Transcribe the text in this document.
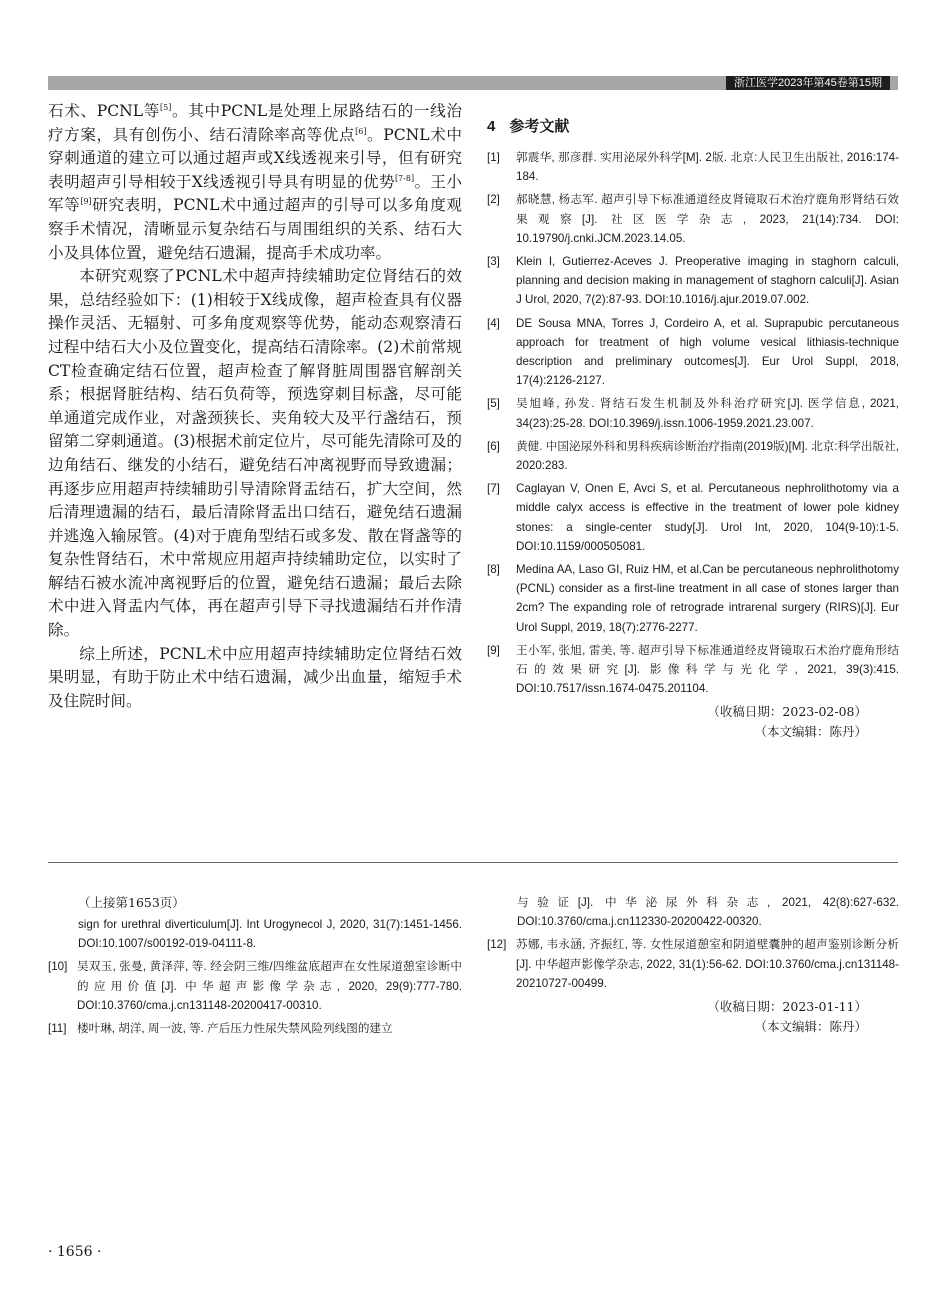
浙江医学2023年第45卷第15期

石术、PCNL等[5]。其中PCNL是处理上尿路结石的一线治疗方案，具有创伤小、结石清除率高等优点[6]。PCNL术中穿刺通道的建立可以通过超声或X线透视来引导，但有研究表明超声引导相较于X线透视引导具有明显的优势[7-8]。王小军等[9]研究表明，PCNL术中通过超声的引导可以多角度观察手术情况，清晰显示复杂结石与周围组织的关系、结石大小及具体位置，避免结石遗漏，提高手术成功率。

本研究观察了PCNL术中超声持续辅助定位肾结石的效果，总结经验如下：(1)相较于X线成像，超声检查具有仪器操作灵活、无辐射、可多角度观察等优势，能动态观察清石过程中结石大小及位置变化，提高结石清除率。(2)术前常规CT检查确定结石位置，超声检查了解肾脏周围器官解剖关系；根据肾脏结构、结石负荷等，预选穿刺目标盏，尽可能单通道完成作业，对盏颈狭长、夹角较大及平行盏结石，预留第二穿刺通道。(3)根据术前定位片，尽可能先清除可及的边角结石、继发的小结石，避免结石冲离视野而导致遗漏；再逐步应用超声持续辅助引导清除肾盂结石，扩大空间，然后清理遗漏的结石，最后清除肾盂出口结石，避免结石遗漏并逃逸入输尿管。(4)对于鹿角型结石或多发、散在肾盏等的复杂性肾结石，术中常规应用超声持续辅助定位，以实时了解结石被水流冲离视野后的位置，避免结石遗漏；最后去除术中进入肾盂内气体，再在超声引导下寻找遗漏结石并作清除。

综上所述，PCNL术中应用超声持续辅助定位肾结石效果明显，有助于防止术中结石遗漏，减少出血量，缩短手术及住院时间。

4 参考文献
[1] 郭震华, 那彦群. 实用泌尿外科学[M]. 2版. 北京:人民卫生出版社, 2016:174-184.
[2] 郝晓慧, 杨志军. 超声引导下标准通道经皮肾镜取石术治疗鹿角形肾结石效果观察[J]. 社区医学杂志, 2023, 21(14):734. DOI: 10.19790/j.cnki.JCM.2023.14.05.
[3] Klein I, Gutierrez-Aceves J. Preoperative imaging in staghorn calculi, planning and decision making in management of staghorn calculi[J]. Asian J Urol, 2020, 7(2):87-93. DOI:10.1016/j.ajur.2019.07.002.
[4] DE Sousa MNA, Torres J, Cordeiro A, et al. Suprapubic percutaneous approach for treatment of high volume vesical lithiasis-technique description and preliminary outcomes[J]. Eur Urol Suppl, 2018, 17(4):2126-2127.
[5] 吴旭峰, 孙发. 肾结石发生机制及外科治疗研究[J]. 医学信息, 2021, 34(23):25-28. DOI:10.3969/j.issn.1006-1959.2021.23.007.
[6] 黄健. 中国泌尿外科和男科疾病诊断治疗指南(2019版)[M]. 北京:科学出版社, 2020:283.
[7] Caglayan V, Onen E, Avci S, et al. Percutaneous nephrolithotomy via a middle calyx access is effective in the treatment of lower pole kidney stones: a single-center study[J]. Urol Int, 2020, 104(9-10):1-5. DOI:10.1159/000505081.
[8] Medina AA, Laso GI, Ruiz HM, et al.Can be percutaneous nephrolithotomy (PCNL) consider as a first-line treatment in all case of stones larger than 2cm? The expanding role of retrograde intrarenal surgery (RIRS)[J]. Eur Urol Suppl, 2019, 18(7):2776-2277.
[9] 王小军, 张旭, 雷美, 等. 超声引导下标准通道经皮肾镜取石术治疗鹿角形结石的效果研究[J]. 影像科学与光化学, 2021, 39(3):415. DOI:10.7517/issn.1674-0475.201104.
（收稿日期：2023-02-08）
（本文编辑：陈丹）
（上接第1653页）
sign for urethral diverticulum[J]. Int Urogynecol J, 2020, 31(7):1451-1456. DOI:10.1007/s00192-019-04111-8.
[10] 吴双玉, 张曼, 黄泽萍, 等. 经会阴三维/四维盆底超声在女性尿道憩室诊断中的应用价值[J]. 中华超声影像学杂志, 2020, 29(9):777-780. DOI:10.3760/cma.j.cn131148-20200417-00310.
[11] 楼叶琳, 胡洋, 周一波, 等. 产后压力性尿失禁风险列线图的建立
与验证[J]. 中华泌尿外科杂志, 2021, 42(8):627-632. DOI:10.3760/cma.j.cn112330-20200422-00320.
[12] 苏娜, 韦永涵, 齐振红, 等. 女性尿道憩室和阴道壁囊肿的超声鉴别诊断分析[J]. 中华超声影像学杂志, 2022, 31(1):56-62. DOI:10.3760/cma.j.cn131148-20210727-00499.
（收稿日期：2023-01-11）
（本文编辑：陈丹）
· 1656 ·
